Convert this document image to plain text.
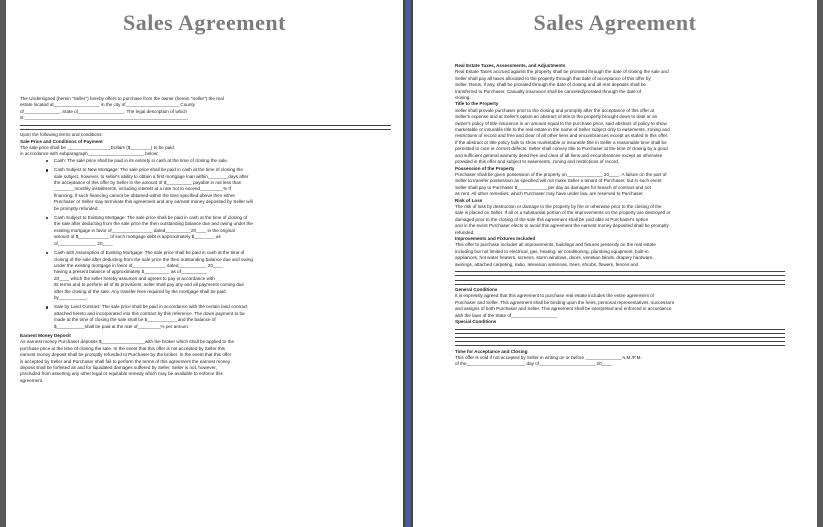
Sales Agreement
The Undersigned (herein "Seller") hereby offers to purchase from the owner (herein "Seller") the real
estate located at__________________ in the city of_____________________ County
of______________, State of__________________. The legal description of which
is:________________________________________________________________
Upon the following terms and conditions:
Sale Price and Conditions of Payment
The sale price shall be _________________Dollars ($________) to be paid
in accordance with subparagraph______________________ below:
Cash: The sale price shall be paid in its entirety in cash at the time of closing the sale.
Cash Subject to New Mortgage: The sale price shall be paid in cash at the time of closing the
sale subject, however, to seller's ability to obtain a first mortgage loan within________days after
the acceptance of this offer by Seller in the amount of $__________ payable in not less than
________monthly installments, including interest at a rate not to exceed_________% If
financing, if such financing cannot be obtained within the time specified above then either
Purchaser or Seller may terminate this agreement and any earnest money deposited by Seller will
be promptly refunded.
Cash Subject to Existing Mortgage: The sale price shall be paid in cash at the time of closing of
the sale after deducting from the sale price the then outstanding balance due and owing under the
existing mortgage in favor of________________ dated__________20____ in the original
amount of $____________ of such mortgage debt is approximately $________ as
of_______________ 20____
Cash with Assumption of Existing Mortgage: The sale price shall be paid in cash at the time of
closing of the sale after deducting from the sale price the then outstanding balance due and owing
under the existing mortgage in favor of_____________ dated___________ 20____
having a present balance of approximately $__________ as of__________
20____ which the seller hereby assumes and agrees to pay in accordance with
its terms and to perform all of its provisions; seller shall pay any and all payments coming due
after the closing of the sale. Any transfer fees required by the mortgage shall be paid
by___________.
Sale by Land Contract: The sale price shall be paid in accordance with the certain land contract
attached hereto and incorporated into this contract by this reference. The down payment to be
made at the time of closing the sale shall be $____________and the balance of
$___________shall be paid at the rate of_________% per annum.
Earnest Money Deposit
As earnest money Purchaser deposits $_________________with the broker which shall be applied to the
purchase price at the time of closing the sale. In the event that this offer is not accepted by Seller this
earnest money deposit shall be promptly refunded to Purchaser by the broker. In the event that this offer
is accepted by Seller and Purchaser shall fail to perform the terms of this agreement the earnest money
deposit shall be forfeited as and for liquidated damages suffered by Seller. Seller is not, however,
precluded from asserting any other legal or equitable remedy which may be available to enforce this
agreement.
Sales Agreement
Real Estate Taxes, Assessments, and Adjustments
Real Estate Taxes accrued against the property shall be prorated through the date of closing the sale and
Seller shall pay all taxes allocated to the property through that date of acceptance of this offer by
Seller. Rents, if any, shall be prorated through the date of closing and all rent deposits shall be
transferred to Purchaser. Casualty insurance shall be canceled/prorated through the date of
closing.
Title to the Property
Seller shall provide purchaser prior to the closing and promptly after the acceptance of this offer at
Seller's expense and at Seller's option an abstract of title to the property brought down to date or an
owner's policy of title insurance in an amount equal to the purchase price, said abstract of policy to show
marketable or insurable title to the real estate in the name of Seller subject only to easements, zoning and
restrictions of record and free and clear of all other liens and encumbrances except as stated in this offer.
If the abstract or title policy fails to show marketable or insurable title in Seller a reasonable time shall be
permitted to cure or correct defects. Seller shall convey title to Purchaser at the time of closing by a good
and sufficient general warranty deed free and clear of all liens and encumbrances except as otherwise
provided in this offer and subject to easements, zoning and restrictions of record.
Possession of the Property
Purchaser shall be given possession of the property on______________ 20____. A failure on the part of
Seller to transfer possession as specified will not make Seller a tenant of Purchaser, but in such event
Seller shall pay to Purchaser $____________per day as damages for breach of contract and not
as rent. All other remedies, which Purchaser may have under law, are reserved to Purchaser.
Risk of Loss
The risk of loss by destruction or damage to the property by fire or otherwise prior to the closing of the
sale is placed on Seller. If all or a substantial portion of the improvements on the property are destroyed or
damaged prior to the closing of the sale this agreement shall be void able at Purchaser's option
and in the event Purchaser elects to avoid this agreement the earnest money deposited shall be promptly
refunded.
Improvements and Fixtures Included
This offer to purchase includes all improvements, buildings and fixtures presently on the real estate
including but not limited to electrical, gas, heating, air conditioning, plumbing equipment, built-in
appliances, hot water heaters, screens, storm windows, doors, venetian blinds, drapery hardware,
awnings, attached carpeting, radio, television antennas, trees, shrubs, flowers, fences and
General Conditions
It is expressly agreed that this agreement to purchase real estate includes the entire agreement of
Purchaser and Seller. This agreement shall be binding upon the heirs, personal representatives, successors
and assigns of both Purchaser and Seller. This agreement shall be interpreted and enforced in accordance
with the laws of the State of__________________
Special Conditions
Time for Acceptance and Closing
This offer is void if not accepted by Seller in writing on or before ______________ A.M./P.M.
of the_______________________ day of______________________ 20____.
